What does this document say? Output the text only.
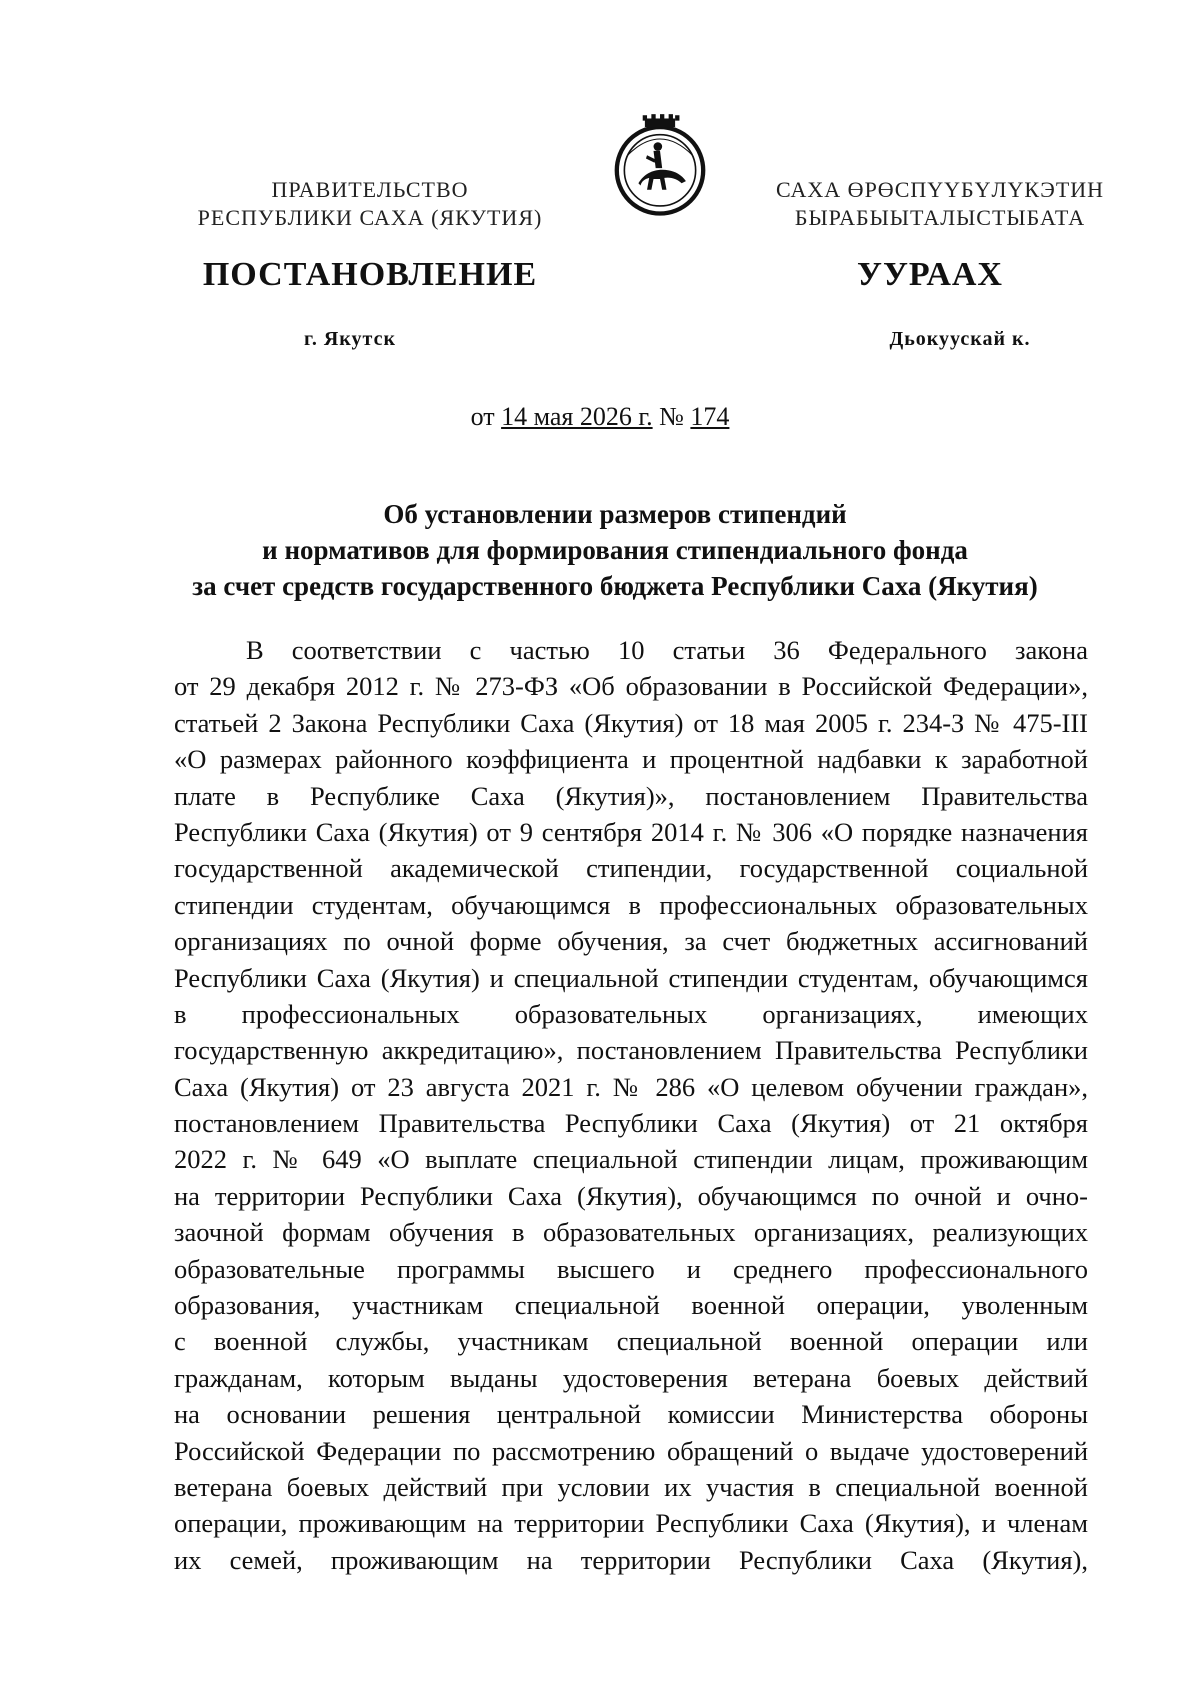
ПРАВИТЕЛЬСТВО
РЕСПУБЛИКИ САХА (ЯКУТИЯ)
САХА ӨРӨСПҮҮБҮЛҮКЭТИН
БЫРАБЫЫТАЛЫСТЫБАТА
ПОСТАНОВЛЕНИЕ	УУРААХ
г. Якутск	Дьокуускай к.
от 14 мая 2026 г. № 174
Об установлении размеров стипендий
и нормативов для формирования стипендиального фонда
за счет средств государственного бюджета Республики Саха (Якутия)
В соответствии с частью 10 статьи 36 Федерального закона
от 29 декабря 2012 г. № 273-ФЗ «Об образовании в Российской Федерации»,
статьей 2 Закона Республики Саха (Якутия) от 18 мая 2005 г. 234-З № 475-III
«О размерах районного коэффициента и процентной надбавки к заработной
плате в Республике Саха (Якутия)», постановлением Правительства
Республики Саха (Якутия) от 9 сентября 2014 г. № 306 «О порядке назначения
государственной академической стипендии, государственной социальной
стипендии студентам, обучающимся в профессиональных образовательных
организациях по очной форме обучения, за счет бюджетных ассигнований
Республики Саха (Якутия) и специальной стипендии студентам, обучающимся
в профессиональных образовательных организациях, имеющих
государственную аккредитацию», постановлением Правительства Республики
Саха (Якутия) от 23 августа 2021 г. № 286 «О целевом обучении граждан»,
постановлением Правительства Республики Саха (Якутия) от 21 октября
2022 г. № 649 «О выплате специальной стипендии лицам, проживающим
на территории Республики Саха (Якутия), обучающимся по очной и очно-
заочной формам обучения в образовательных организациях, реализующих
образовательные программы высшего и среднего профессионального
образования, участникам специальной военной операции, уволенным
с военной службы, участникам специальной военной операции или
гражданам, которым выданы удостоверения ветерана боевых действий
на основании решения центральной комиссии Министерства обороны
Российской Федерации по рассмотрению обращений о выдаче удостоверений
ветерана боевых действий при условии их участия в специальной военной
операции, проживающим на территории Республики Саха (Якутия), и членам
их семей, проживающим на территории Республики Саха (Якутия),
